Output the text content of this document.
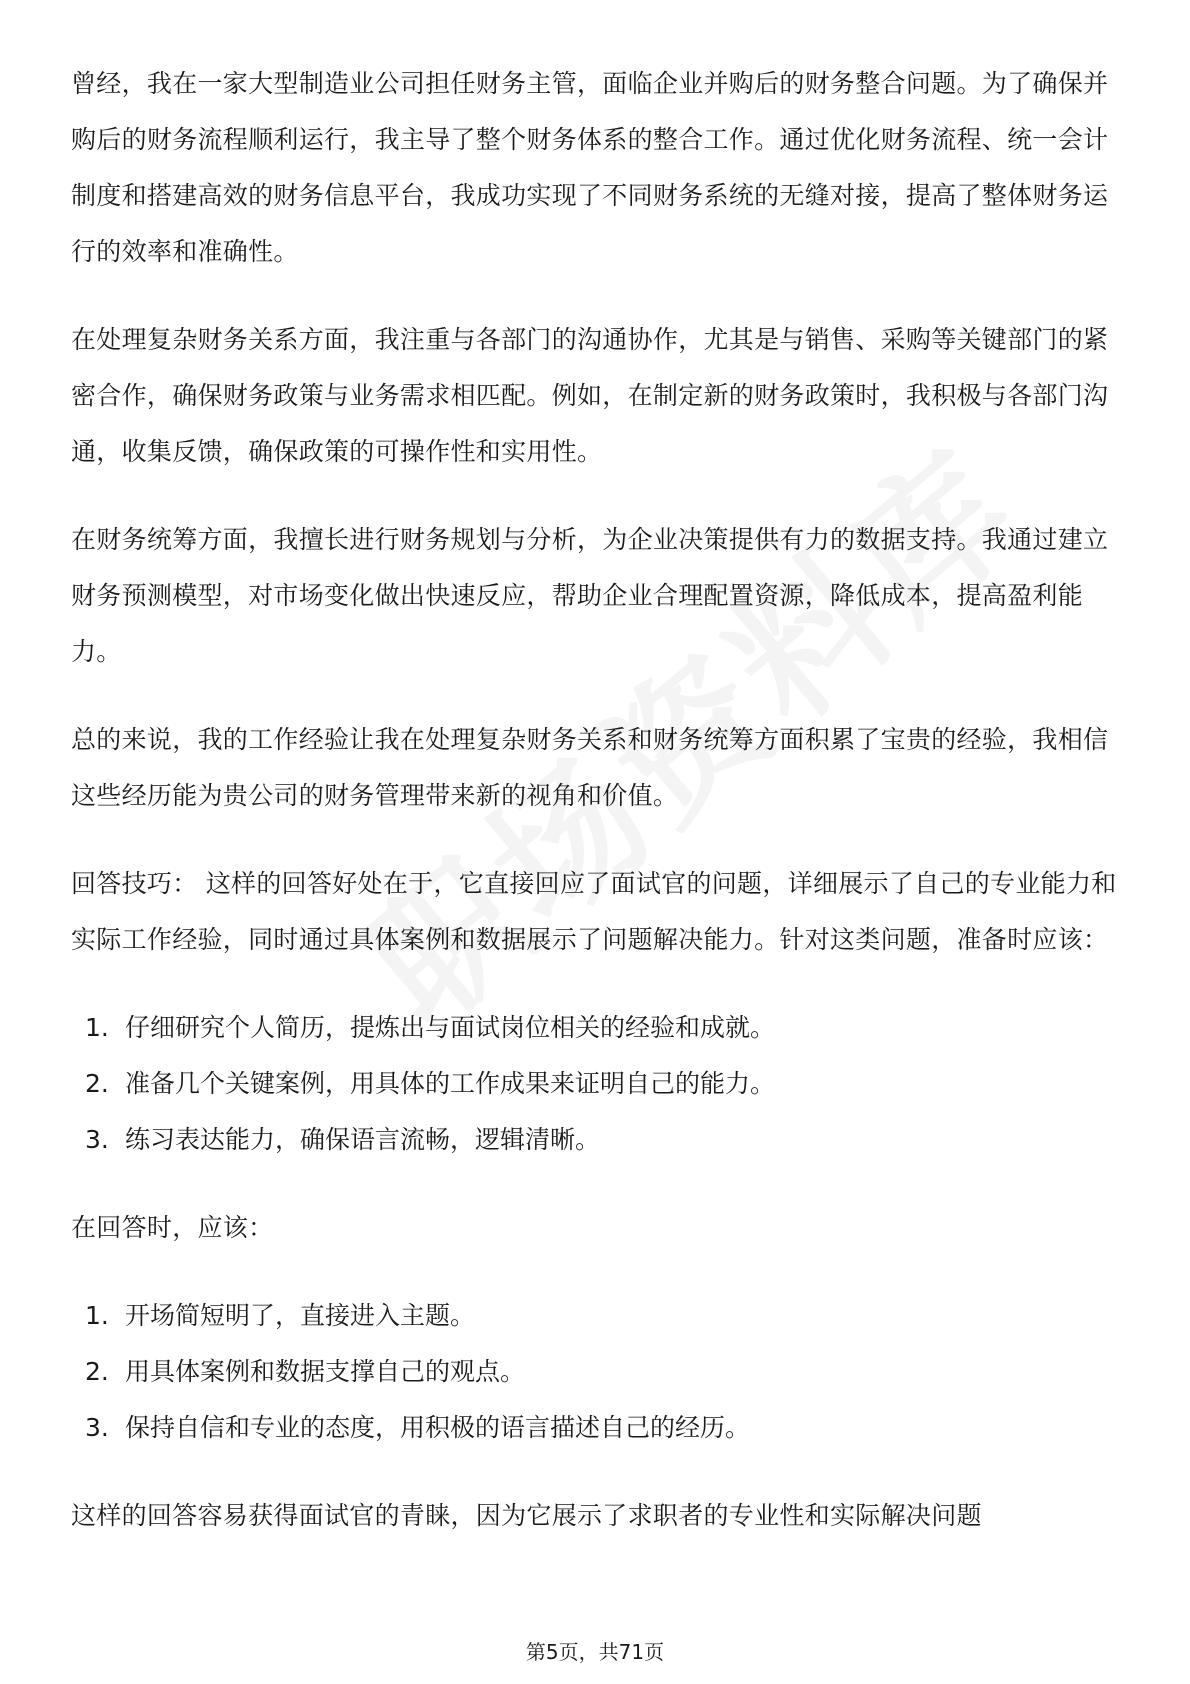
曾经，我在一家大型制造业公司担任财务主管，面临企业并购后的财务整合问题。为了确保并购后的财务流程顺利运行，我主导了整个财务体系的整合工作。通过优化财务流程、统一会计制度和搭建高效的财务信息平台，我成功实现了不同财务系统的无缝对接，提高了整体财务运行的效率和准确性。

在处理复杂财务关系方面，我注重与各部门的沟通协作，尤其是与销售、采购等关键部门的紧密合作，确保财务政策与业务需求相匹配。例如，在制定新的财务政策时，我积极与各部门沟通，收集反馈，确保政策的可操作性和实用性。

在财务统筹方面，我擅长进行财务规划与分析，为企业决策提供有力的数据支持。我通过建立财务预测模型，对市场变化做出快速反应，帮助企业合理配置资源，降低成本，提高盈利能力。

总的来说，我的工作经验让我在处理复杂财务关系和财务统筹方面积累了宝贵的经验，我相信这些经历能为贵公司的财务管理带来新的视角和价值。

回答技巧： 这样的回答好处在于，它直接回应了面试官的问题，详细展示了自己的专业能力和实际工作经验，同时通过具体案例和数据展示了问题解决能力。针对这类问题，准备时应该：

1. 仔细研究个人简历，提炼出与面试岗位相关的经验和成就。
2. 准备几个关键案例，用具体的工作成果来证明自己的能力。
3. 练习表达能力，确保语言流畅，逻辑清晰。

在回答时，应该：

1. 开场简短明了，直接进入主题。
2. 用具体案例和数据支撑自己的观点。
3. 保持自信和专业的态度，用积极的语言描述自己的经历。

这样的回答容易获得面试官的青睐，因为它展示了求职者的专业性和实际解决问题

第5页，共71页
